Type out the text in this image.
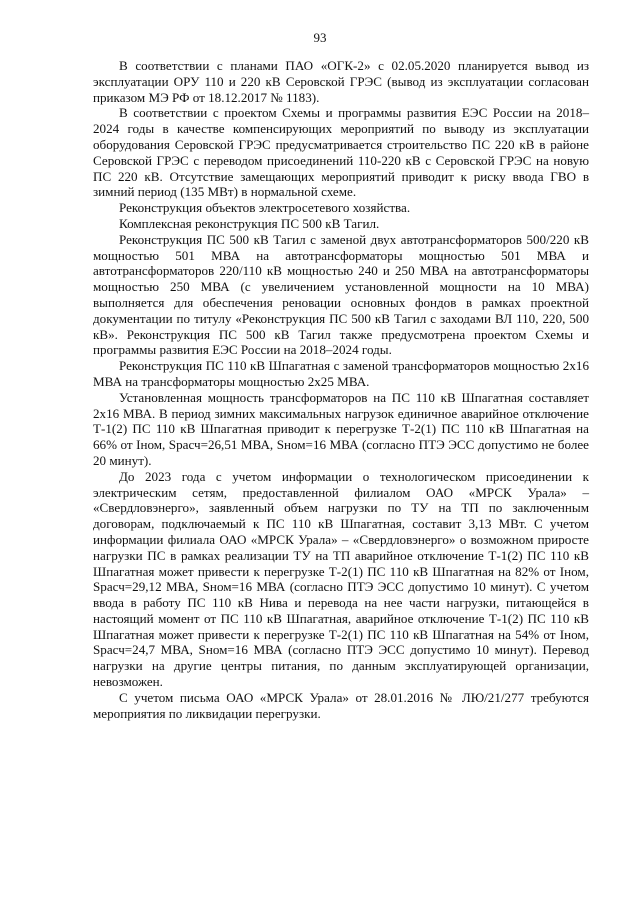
93

В соответствии с планами ПАО «ОГК-2» с 02.05.2020 планируется вывод из эксплуатации ОРУ 110 и 220 кВ Серовской ГРЭС (вывод из эксплуатации согласован приказом МЭ РФ от 18.12.2017 № 1183).

В соответствии с проектом Схемы и программы развития ЕЭС России на 2018–2024 годы в качестве компенсирующих мероприятий по выводу из эксплуатации оборудования Серовской ГРЭС предусматривается строительство ПС 220 кВ в районе Серовской ГРЭС с переводом присоединений 110-220 кВ с Серовской ГРЭС на новую ПС 220 кВ. Отсутствие замещающих мероприятий приводит к риску ввода ГВО в зимний период (135 МВт) в нормальной схеме.

Реконструкция объектов электросетевого хозяйства.

Комплексная реконструкция ПС 500 кВ Тагил.

Реконструкция ПС 500 кВ Тагил с заменой двух автотрансформаторов 500/220 кВ мощностью 501 МВА на автотрансформаторы мощностью 501 МВА и автотрансформаторов 220/110 кВ мощностью 240 и 250 МВА на автотрансформаторы мощностью 250 МВА (с увеличением установленной мощности на 10 МВА) выполняется для обеспечения реновации основных фондов в рамках проектной документации по титулу «Реконструкция ПС 500 кВ Тагил с заходами ВЛ 110, 220, 500 кВ». Реконструкция ПС 500 кВ Тагил также предусмотрена проектом Схемы и программы развития ЕЭС России на 2018–2024 годы.

Реконструкция ПС 110 кВ Шпагатная с заменой трансформаторов мощностью 2х16 МВА на трансформаторы мощностью 2х25 МВА.

Установленная мощность трансформаторов на ПС 110 кВ Шпагатная составляет 2х16 МВА. В период зимних максимальных нагрузок единичное аварийное отключение Т-1(2) ПС 110 кВ Шпагатная приводит к перегрузке Т-2(1) ПС 110 кВ Шпагатная на 66% от Iном, Sрасч=26,51 МВА, Sном=16 МВА (согласно ПТЭ ЭСС допустимо не более 20 минут).

До 2023 года с учетом информации о технологическом присоединении к электрическим сетям, предоставленной филиалом ОАО «МРСК Урала» – «Свердловэнерго», заявленный объем нагрузки по ТУ на ТП по заключенным договорам, подключаемый к ПС 110 кВ Шпагатная, составит 3,13 МВт. С учетом информации филиала ОАО «МРСК Урала» – «Свердловэнерго» о возможном приросте нагрузки ПС в рамках реализации ТУ на ТП аварийное отключение Т-1(2) ПС 110 кВ Шпагатная может привести к перегрузке Т-2(1) ПС 110 кВ Шпагатная на 82% от Iном, Sрасч=29,12 МВА, Sном=16 МВА (согласно ПТЭ ЭСС допустимо 10 минут). С учетом ввода в работу ПС 110 кВ Нива и перевода на нее части нагрузки, питающейся в настоящий момент от ПС 110 кВ Шпагатная, аварийное отключение Т-1(2) ПС 110 кВ Шпагатная может привести к перегрузке Т-2(1) ПС 110 кВ Шпагатная на 54% от Iном, Sрасч=24,7 МВА, Sном=16 МВА (согласно ПТЭ ЭСС допустимо 10 минут). Перевод нагрузки на другие центры питания, по данным эксплуатирующей организации, невозможен.

С учетом письма ОАО «МРСК Урала» от 28.01.2016 № ЛЮ/21/277 требуются мероприятия по ликвидации перегрузки.
